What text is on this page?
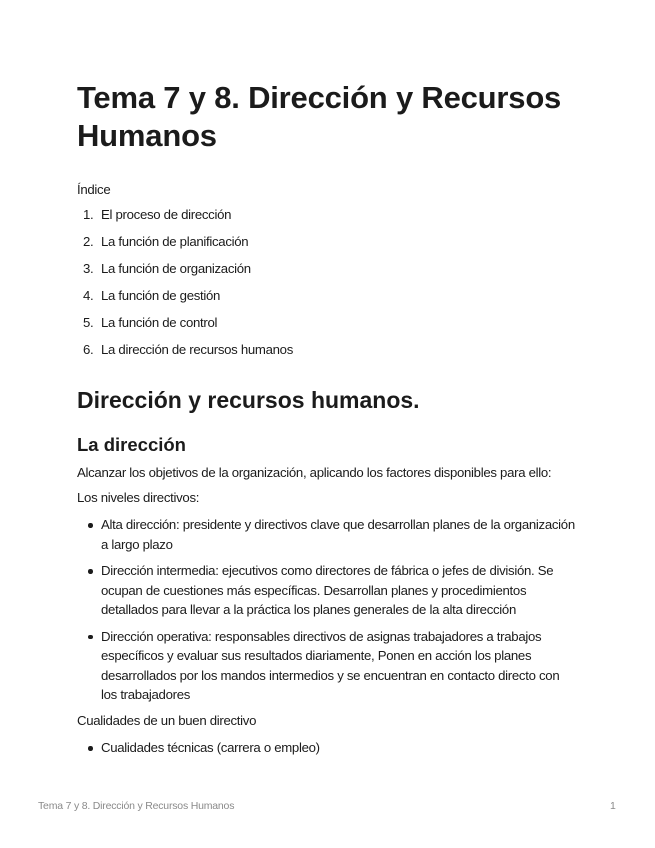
Tema 7 y 8. Dirección y Recursos Humanos

Índice

1. El proceso de dirección
2. La función de planificación
3. La función de organización
4. La función de gestión
5. La función de control
6. La dirección de recursos humanos
Dirección y recursos humanos.
La dirección

Alcanzar los objetivos de la organización, aplicando los factores disponibles para ello:

Los niveles directivos:

Alta dirección: presidente y directivos clave que desarrollan planes de la organización a largo plazo
Dirección intermedia: ejecutivos como directores de fábrica o jefes de división. Se ocupan de cuestiones más específicas. Desarrollan planes y procedimientos detallados para llevar a la práctica los planes generales de la alta dirección
Dirección operativa: responsables directivos de asignas trabajadores a trabajos específicos y evaluar sus resultados diariamente, Ponen en acción los planes desarrollados por los mandos intermedios y se encuentran en contacto directo con los trabajadores

Cualidades de un buen directivo

Cualidades técnicas (carrera o empleo)
Tema 7 y 8. Dirección y Recursos Humanos	1
